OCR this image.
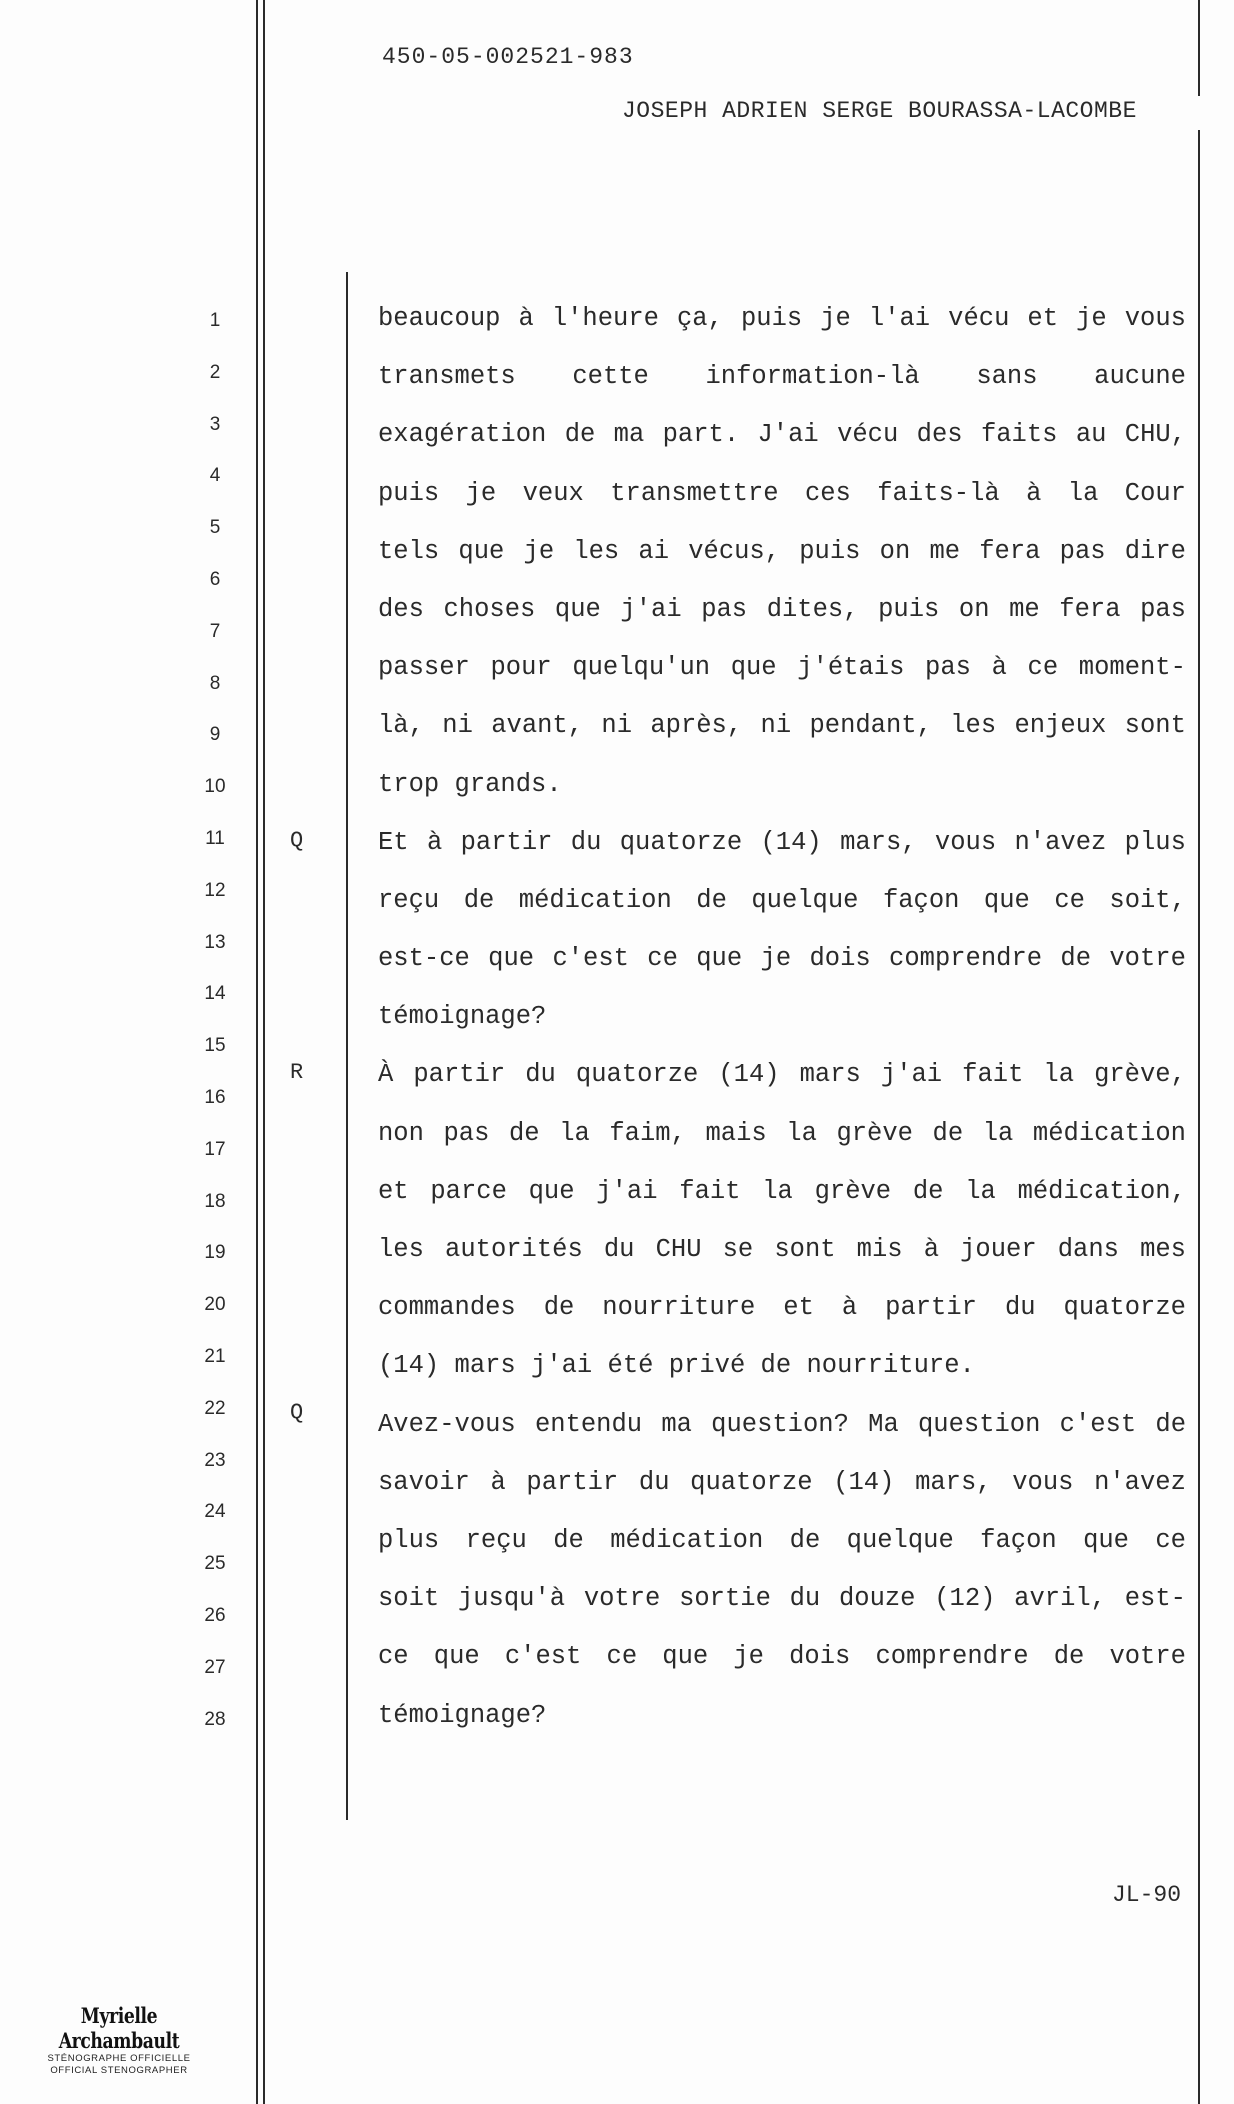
450-05-002521-983
JOSEPH ADRIEN SERGE BOURASSA-LACOMBE
1
2
3
4
5
6
7
8
9
10
11
12
13
14
15
16
17
18
19
20
21
22
23
24
25
26
27
28
Q
R
Q
beaucoup à l'heure ça, puis je l'ai vécu et je vous
transmets cette information-là sans aucune
exagération de ma part. J'ai vécu des faits au CHU,
puis je veux transmettre ces faits-là à la Cour
tels que je les ai vécus, puis on me fera pas dire
des choses que j'ai pas dites, puis on me fera pas
passer pour quelqu'un que j'étais pas à ce moment-
là, ni avant, ni après, ni pendant, les enjeux sont
trop grands.
Et à partir du quatorze (14) mars, vous n'avez plus
reçu de médication de quelque façon que ce soit,
est-ce que c'est ce que je dois comprendre de votre
témoignage?
À partir du quatorze (14) mars j'ai fait la grève,
non pas de la faim, mais la grève de la médication
et parce que j'ai fait la grève de la médication,
les autorités du CHU se sont mis à jouer dans mes
commandes de nourriture et à partir du quatorze
(14) mars j'ai été privé de nourriture.
Avez-vous entendu ma question? Ma question c'est de
savoir à partir du quatorze (14) mars, vous n'avez
plus reçu de médication de quelque façon que ce
soit jusqu'à votre sortie du douze (12) avril, est-
ce que c'est ce que je dois comprendre de votre
témoignage?
JL-90
Myrielle Archambault
STÉNOGRAPHE OFFICIELLE
OFFICIAL STENOGRAPHER
